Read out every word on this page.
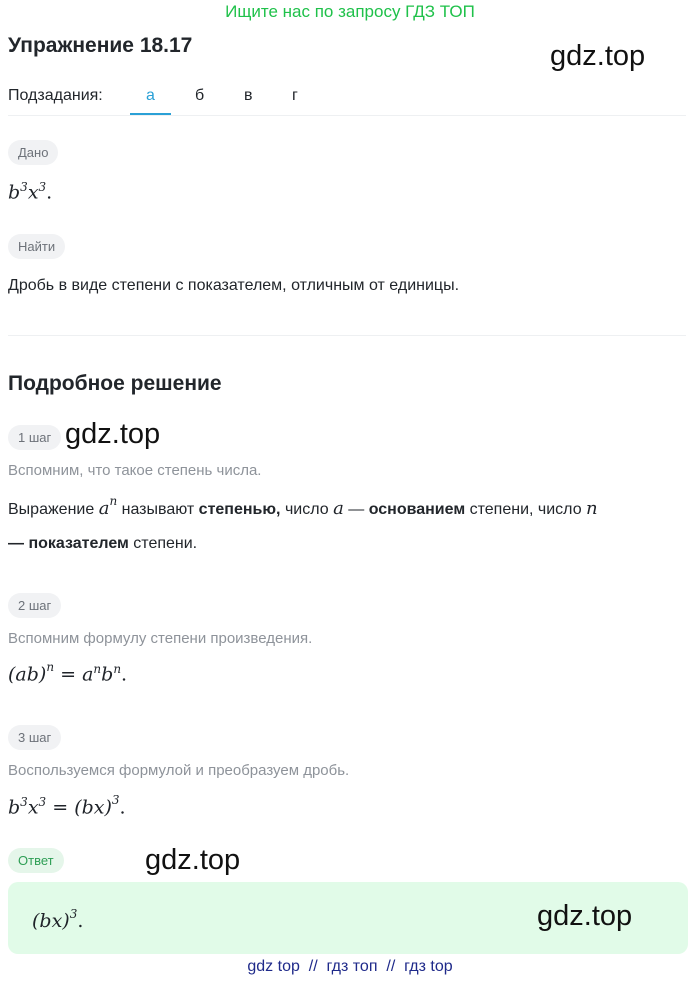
Ищите нас по запросу ГДЗ ТОП
Упражнение 18.17	gdz.top
Подзадания:	а	б в г
Дано
$b^3x^3$.
Найти
Дробь в виде степени с показателем, отличным от единицы.
Подробное решение
1 шаг gdz.top
Вспомним, что такое степень числа.
Выражение $a^n$ называют степенью, число a — основанием степени, число n
— показателем степени.
2 шаг
Вспомним формулу степени произведения.
$(ab)^n = a^nb^n$.
3 шаг
Воспользуемся формулой и преобразуем дробь.
$b^3x^3 = (bx)^3$.
Ответ	gdz.top
(bx)$^3$.	gdz.top
gdz top  //  гдз топ  //  гдз top
